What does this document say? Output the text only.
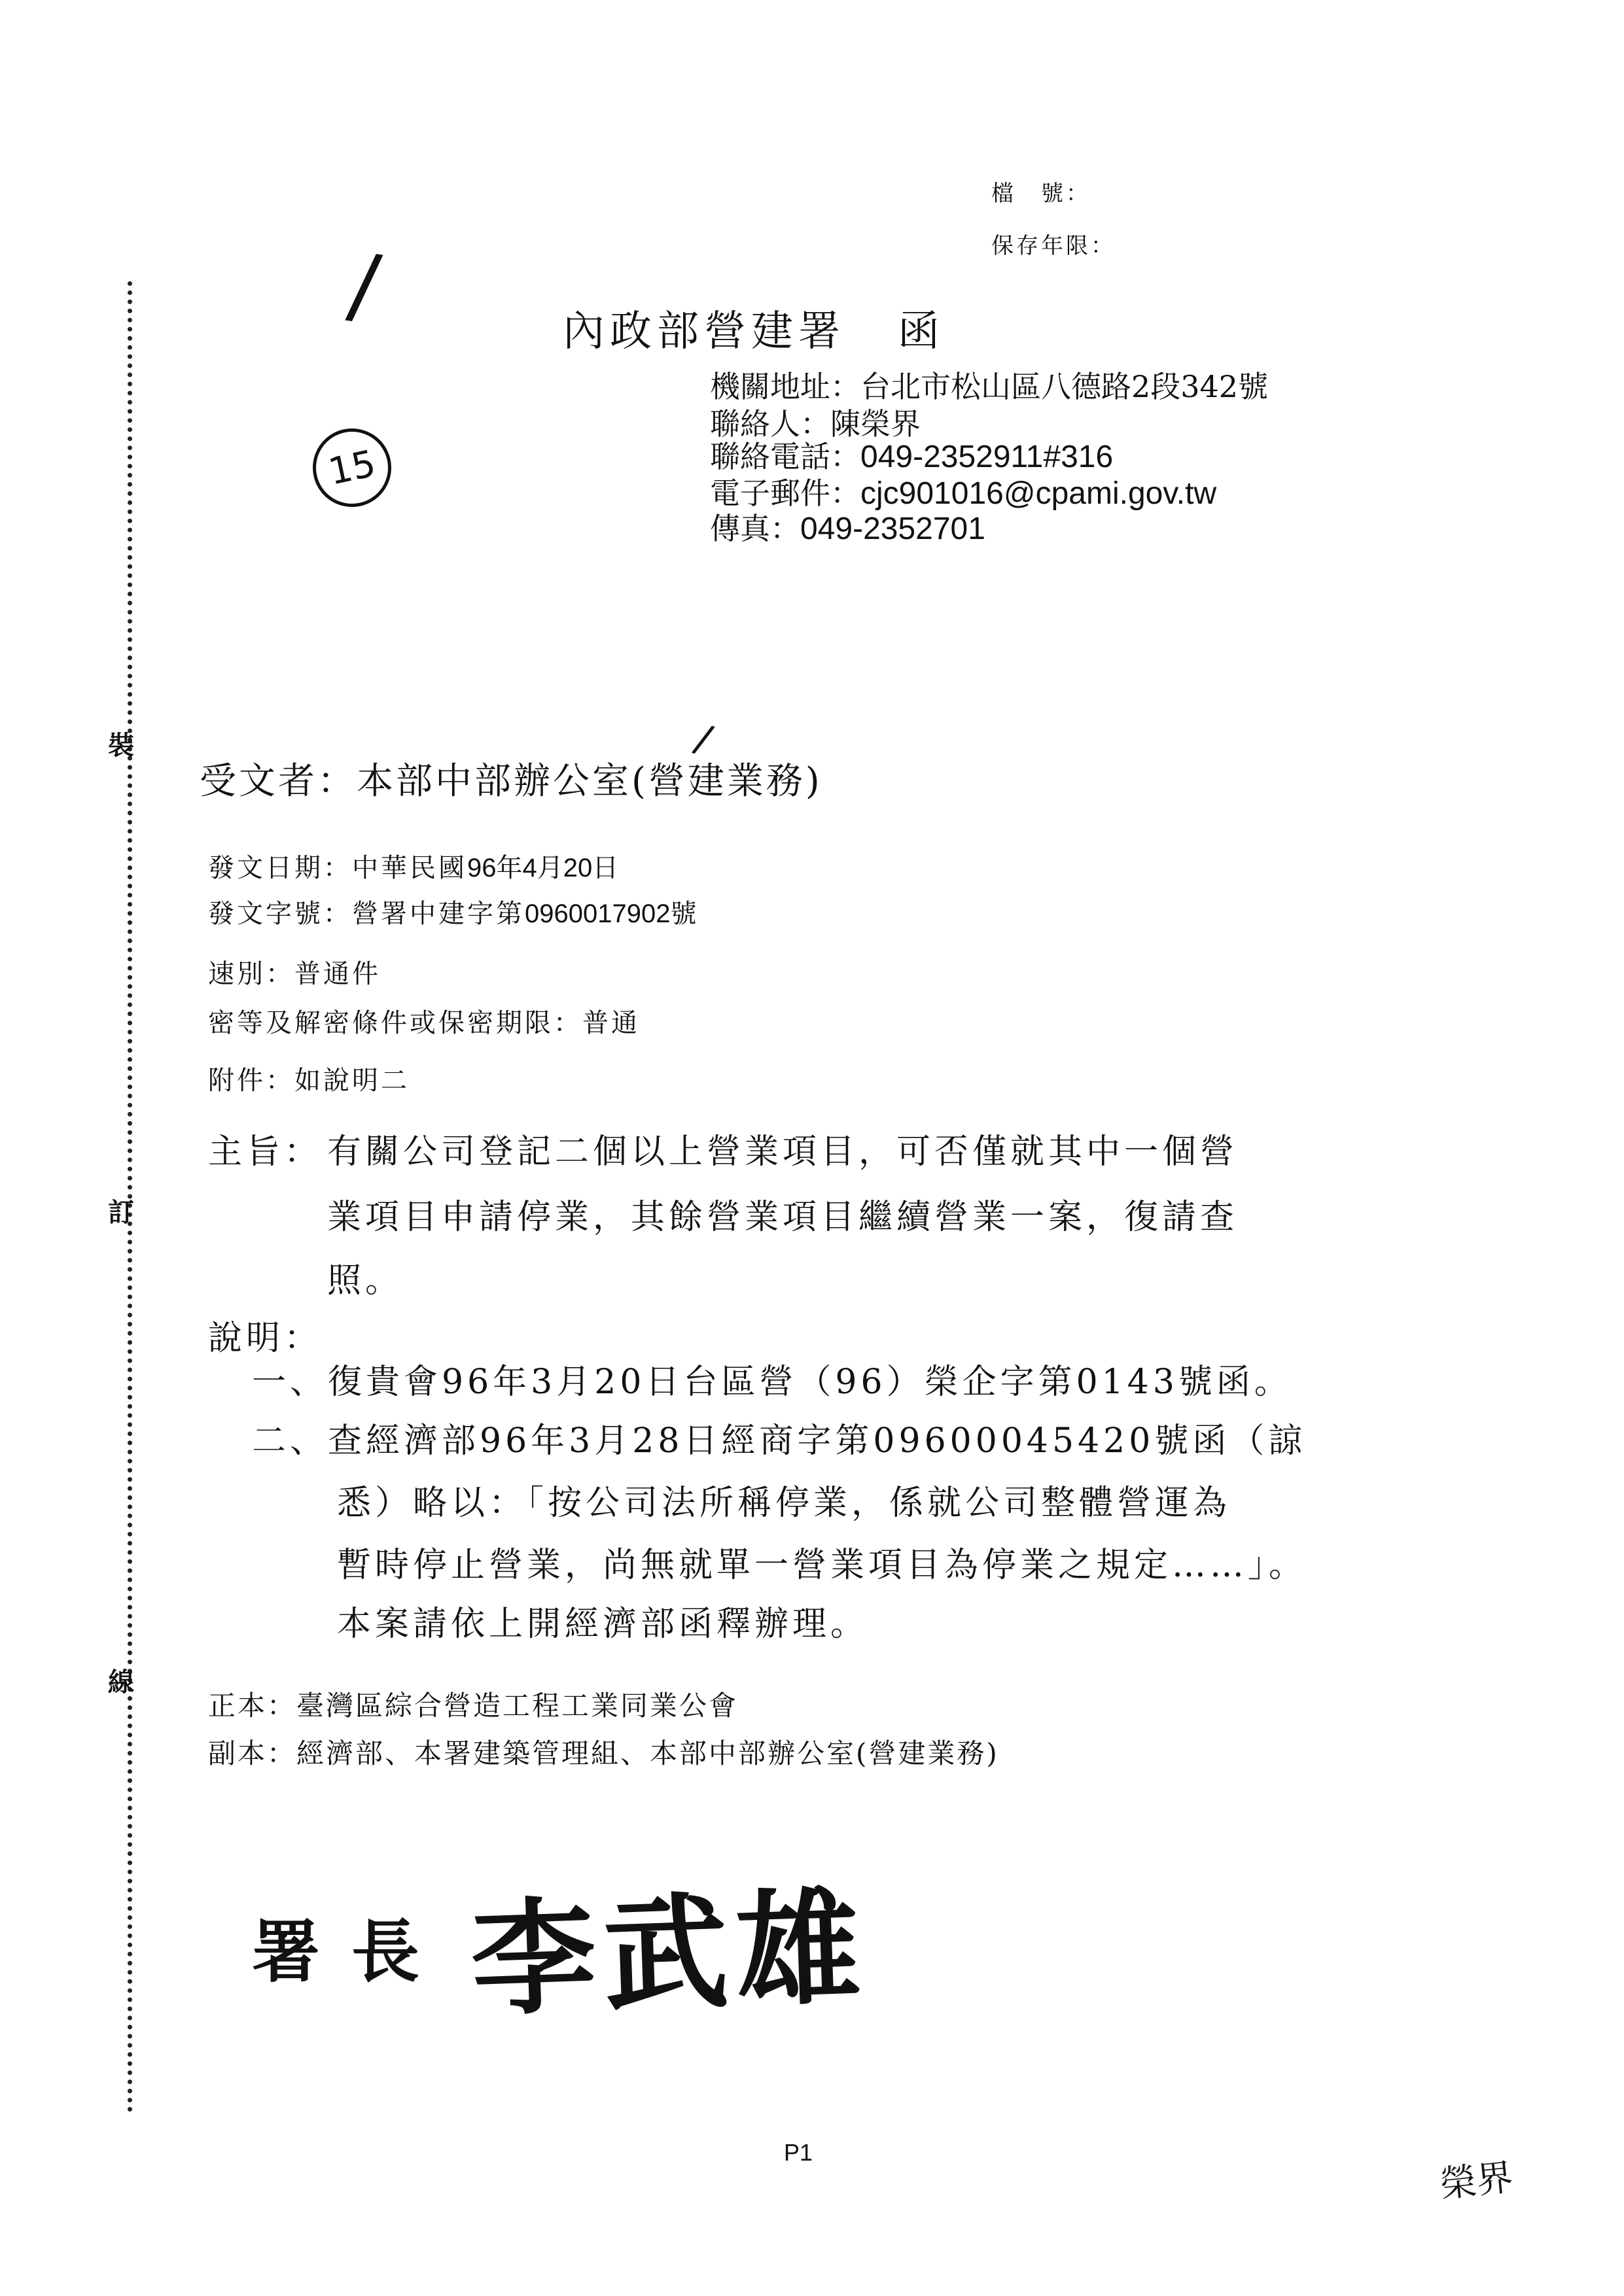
裝
訂
線
檔　號：
保存年限：
/
15
/
內政部營建署 函
機關地址：台北市松山區八德路2段342號
聯絡人：陳榮界
聯絡電話：049-2352911#316
電子郵件：cjc901016@cpami.gov.tw
傳真：049-2352701
受文者：本部中部辦公室(營建業務)
發文日期：中華民國96年4月20日
發文字號：營署中建字第0960017902號
速別：普通件
密等及解密條件或保密期限：普通
附件：如說明二
主旨： 有關公司登記二個以上營業項目，可否僅就其中一個營
業項目申請停業，其餘營業項目繼續營業一案，復請查
照。
說明：
一、復貴會96年3月20日台區營（96）榮企字第0143號函。
二、查經濟部96年3月28日經商字第09600045420號函（諒
悉）略以：「按公司法所稱停業，係就公司整體營運為
暫時停止營業，尚無就單一營業項目為停業之規定……」。
本案請依上開經濟部函釋辦理。
正本：臺灣區綜合營造工程工業同業公會
副本：經濟部、本署建築管理組、本部中部辦公室(營建業務)
署長 李武雄
P1
榮界
